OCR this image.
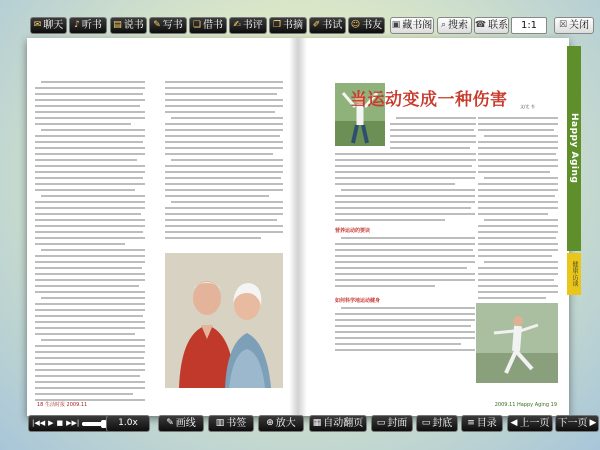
✉ 聊天 ♪ 听书 ▤ 说书 ✎ 写书 ❏ 借书 ✍ 书评 ❐ 书摘 ✐ 书试 ☺ 书友 ▣ 藏书阁 ⌕ 搜索 ☎ 联系	1:1	☒ 关闭
18 生活时报 2009.11
当运动变成一种伤害	文/尤 书
营养运动的要诀
如何科学地运动健身
2009.11 Happy Aging 19
Happy Aging
Health
健康·访谈
|◀◀ ▶ ■ ▶▶|	1.0x	✎ 画线 ▥ 书签 ⊕ 放大 ▦ 自动翻页 ▭ 封面 ▭ 封底 ≡ 目录 ◀ 上一页 下一页 ▶
